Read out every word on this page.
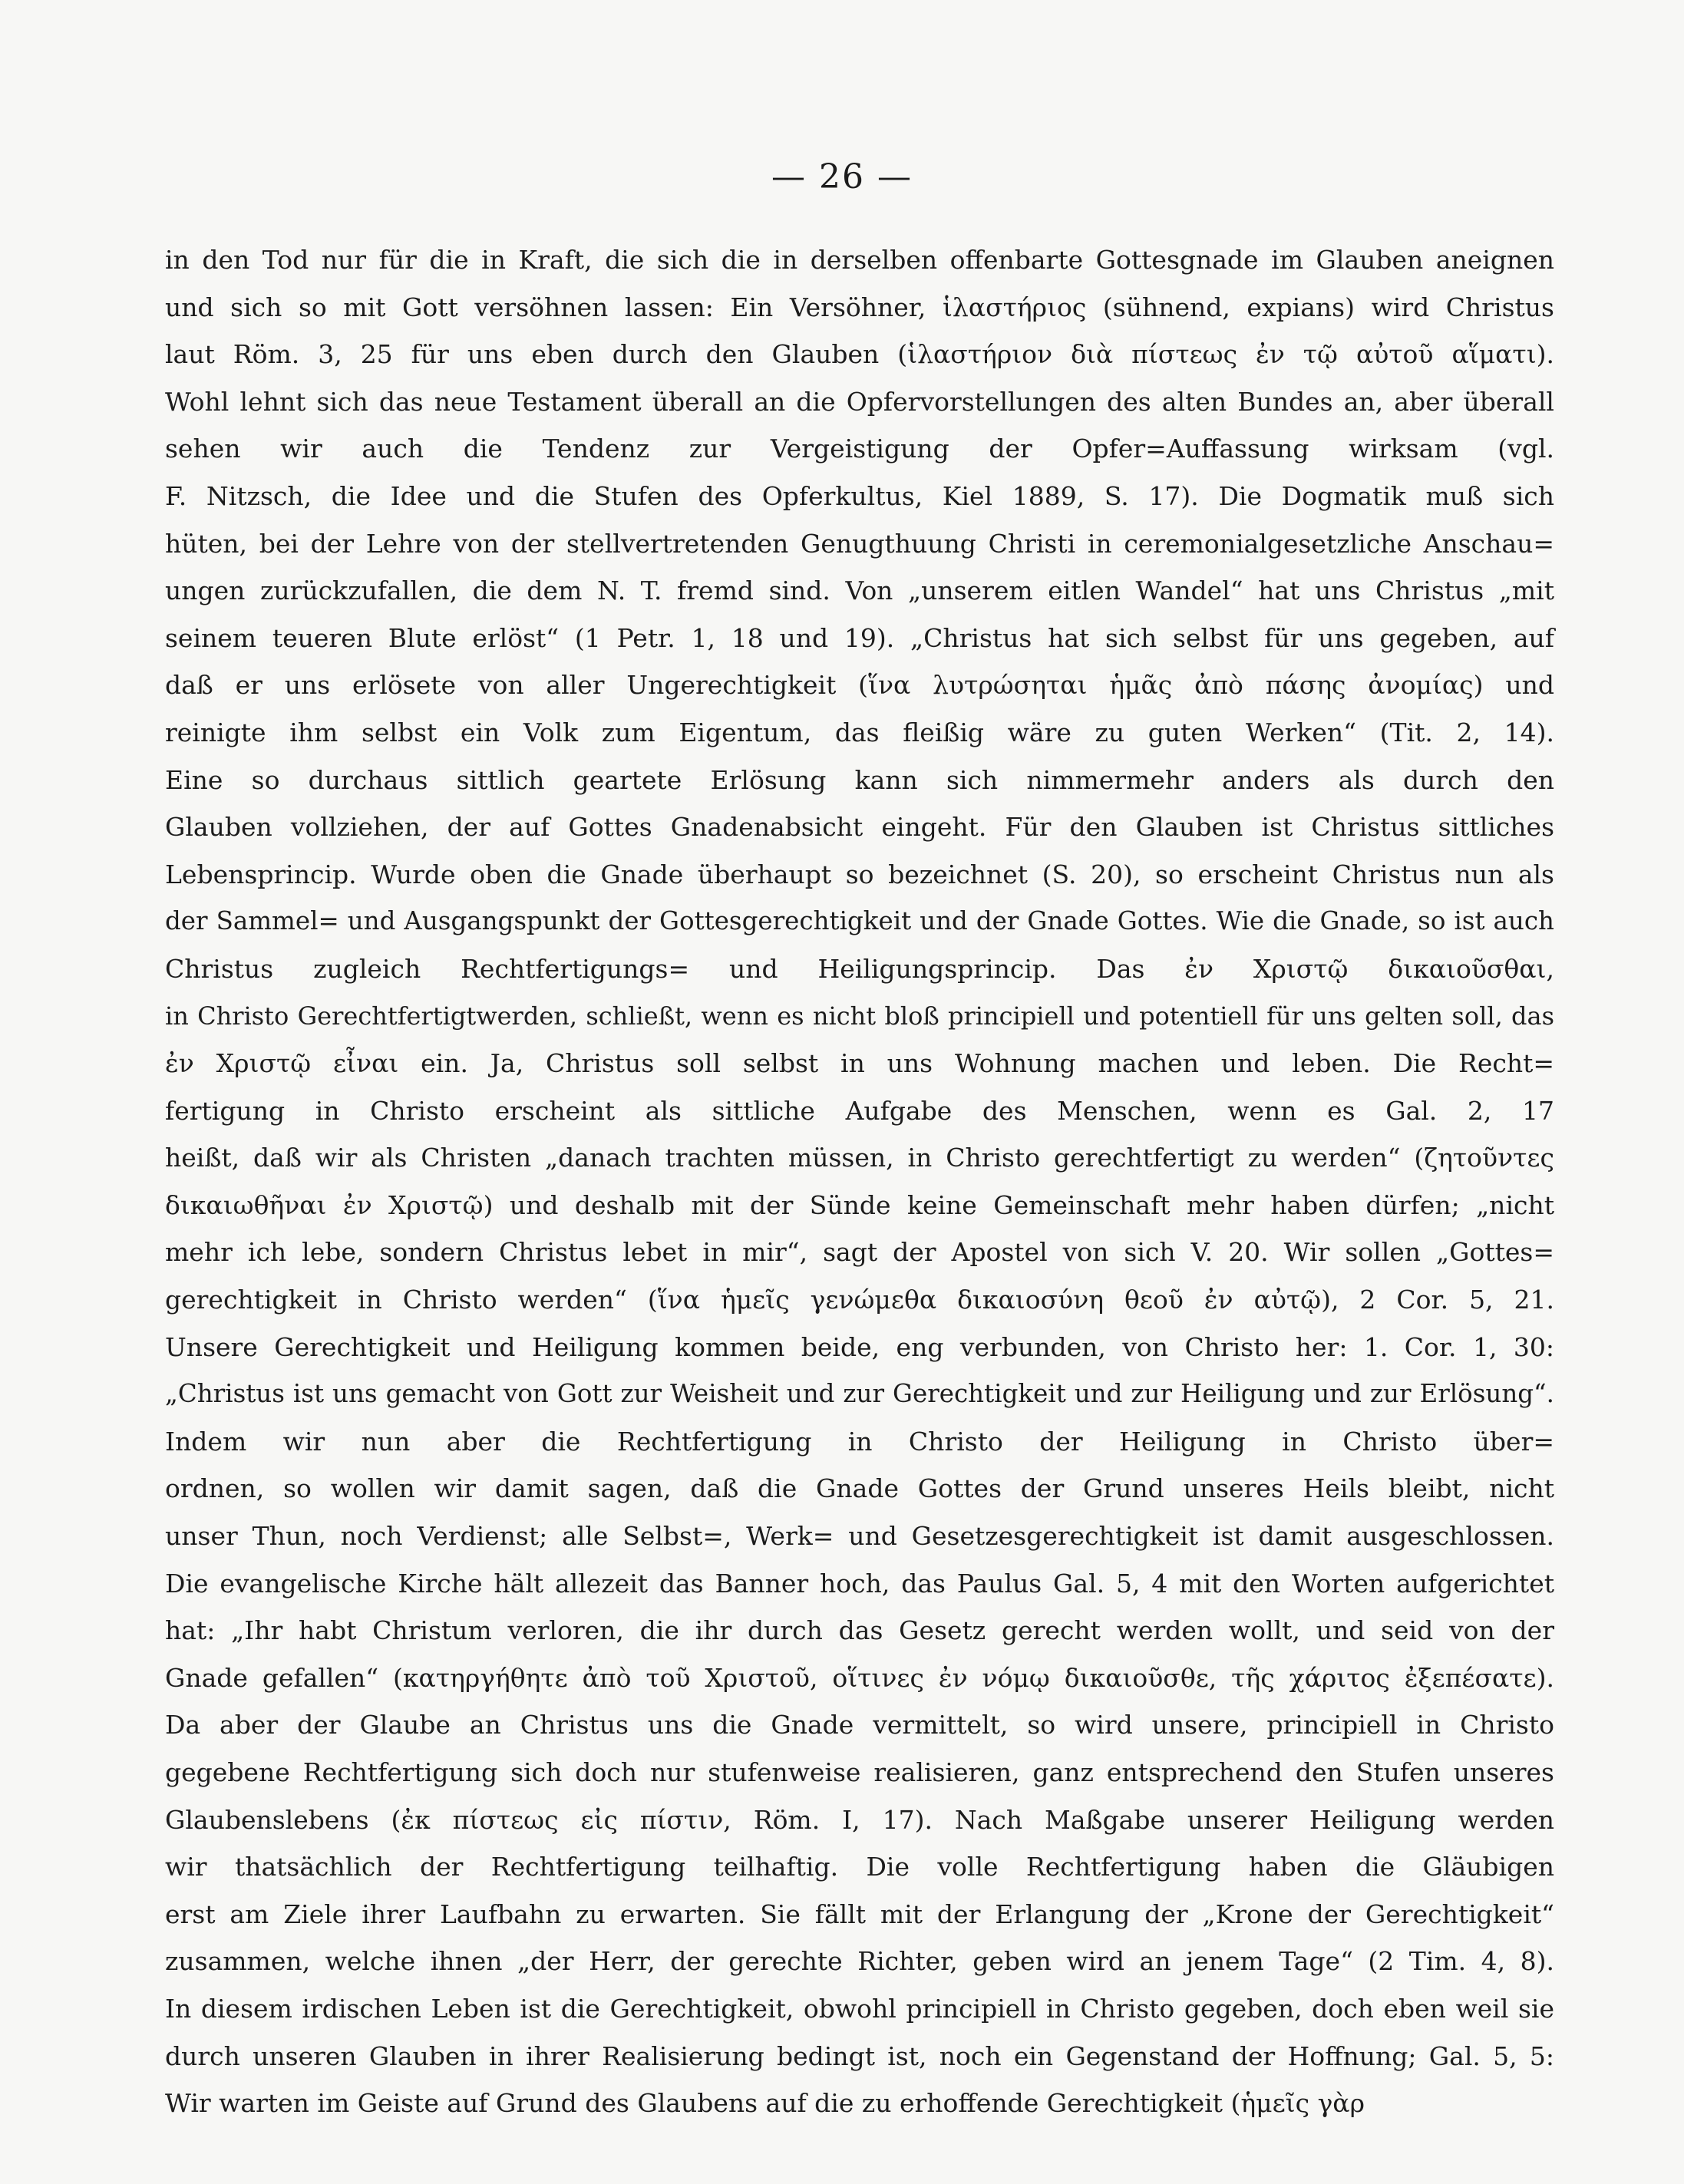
— 26 —
in den Tod nur für die in Kraft, die sich die in derselben offenbarte Gottesgnade im Glauben aneignen
und sich so mit Gott versöhnen lassen: Ein Versöhner, ἱλαστήριος (sühnend, expians) wird Christus
laut Röm. 3, 25 für uns eben durch den Glauben (ἱλαστήριον διὰ πίστεως ἐν τῷ αὐτοῦ αἵματι).
Wohl lehnt sich das neue Testament überall an die Opfervorstellungen des alten Bundes an, aber überall
sehen wir auch die Tendenz zur Vergeistigung der Opfer=Auffassung wirksam (vgl.
F. Nitzsch, die Idee und die Stufen des Opferkultus, Kiel 1889, S. 17). Die Dogmatik muß sich
hüten, bei der Lehre von der stellvertretenden Genugthuung Christi in ceremonialgesetzliche Anschau=
ungen zurückzufallen, die dem N. T. fremd sind. Von „unserem eitlen Wandel“ hat uns Christus „mit
seinem teueren Blute erlöst“ (1 Petr. 1, 18 und 19). „Christus hat sich selbst für uns gegeben, auf
daß er uns erlösete von aller Ungerechtigkeit (ἵνα λυτρώσηται ἡμᾶς ἀπὸ πάσης ἀνομίας) und
reinigte ihm selbst ein Volk zum Eigentum, das fleißig wäre zu guten Werken“ (Tit. 2, 14).
Eine so durchaus sittlich geartete Erlösung kann sich nimmermehr anders als durch den
Glauben vollziehen, der auf Gottes Gnadenabsicht eingeht. Für den Glauben ist Christus sittliches
Lebensprincip. Wurde oben die Gnade überhaupt so bezeichnet (S. 20), so erscheint Christus nun als
der Sammel= und Ausgangspunkt der Gottesgerechtigkeit und der Gnade Gottes. Wie die Gnade, so ist auch
Christus zugleich Rechtfertigungs= und Heiligungsprincip. Das ἐν Χριστῷ δικαιοῦσθαι,
in Christo Gerechtfertigtwerden, schließt, wenn es nicht bloß principiell und potentiell für uns gelten soll, das
ἐν Χριστῷ εἶναι ein. Ja, Christus soll selbst in uns Wohnung machen und leben. Die Recht=
fertigung in Christo erscheint als sittliche Aufgabe des Menschen, wenn es Gal. 2, 17
heißt, daß wir als Christen „danach trachten müssen, in Christo gerechtfertigt zu werden“ (ζητοῦντες
δικαιωθῆναι ἐν Χριστῷ) und deshalb mit der Sünde keine Gemeinschaft mehr haben dürfen; „nicht
mehr ich lebe, sondern Christus lebet in mir“, sagt der Apostel von sich V. 20. Wir sollen „Gottes=
gerechtigkeit in Christo werden“ (ἵνα ἡμεῖς γενώμεθα δικαιοσύνη θεοῦ ἐν αὐτῷ), 2 Cor. 5, 21.
Unsere Gerechtigkeit und Heiligung kommen beide, eng verbunden, von Christo her: 1. Cor. 1, 30:
„Christus ist uns gemacht von Gott zur Weisheit und zur Gerechtigkeit und zur Heiligung und zur Erlösung“.
Indem wir nun aber die Rechtfertigung in Christo der Heiligung in Christo über=
ordnen, so wollen wir damit sagen, daß die Gnade Gottes der Grund unseres Heils bleibt, nicht
unser Thun, noch Verdienst; alle Selbst=, Werk= und Gesetzesgerechtigkeit ist damit ausgeschlossen.
Die evangelische Kirche hält allezeit das Banner hoch, das Paulus Gal. 5, 4 mit den Worten aufgerichtet
hat: „Ihr habt Christum verloren, die ihr durch das Gesetz gerecht werden wollt, und seid von der
Gnade gefallen“ (κατηργήθητε ἀπὸ τοῦ Χριστοῦ, οἵτινες ἐν νόμῳ δικαιοῦσθε, τῆς χάριτος ἐξεπέσατε).
Da aber der Glaube an Christus uns die Gnade vermittelt, so wird unsere, principiell in Christo
gegebene Rechtfertigung sich doch nur stufenweise realisieren, ganz entsprechend den Stufen unseres
Glaubenslebens (ἐκ πίστεως εἰς πίστιν, Röm. I, 17). Nach Maßgabe unserer Heiligung werden
wir thatsächlich der Rechtfertigung teilhaftig. Die volle Rechtfertigung haben die Gläubigen
erst am Ziele ihrer Laufbahn zu erwarten. Sie fällt mit der Erlangung der „Krone der Gerechtigkeit“
zusammen, welche ihnen „der Herr, der gerechte Richter, geben wird an jenem Tage“ (2 Tim. 4, 8).
In diesem irdischen Leben ist die Gerechtigkeit, obwohl principiell in Christo gegeben, doch eben weil sie
durch unseren Glauben in ihrer Realisierung bedingt ist, noch ein Gegenstand der Hoffnung; Gal. 5, 5:
Wir warten im Geiste auf Grund des Glaubens auf die zu erhoffende Gerechtigkeit (ἡμεῖς γὰρ
